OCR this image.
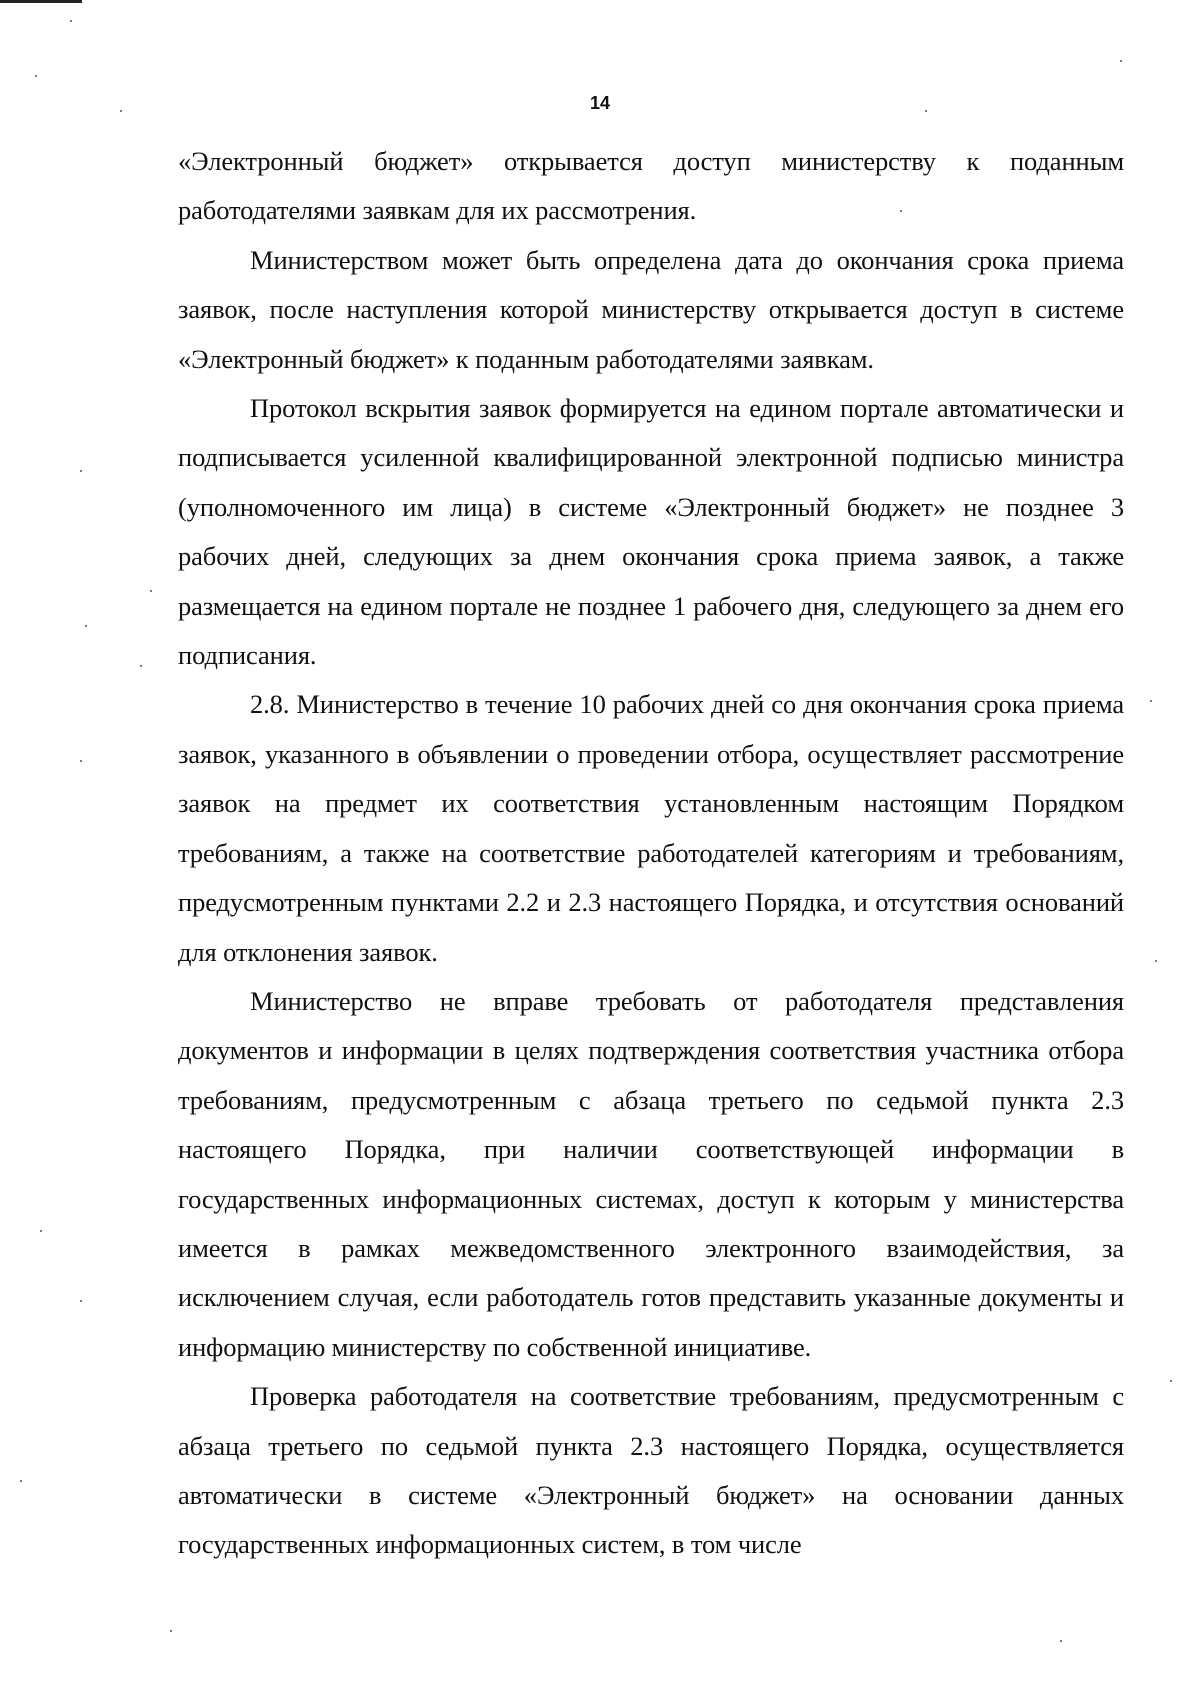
14

«Электронный бюджет» открывается доступ министерству к поданным работодателями заявкам для их рассмотрения.

Министерством может быть определена дата до окончания срока приема заявок, после наступления которой министерству открывается доступ в системе «Электронный бюджет» к поданным работодателями заявкам.

Протокол вскрытия заявок формируется на едином портале автоматически и подписывается усиленной квалифицированной электронной подписью министра (уполномоченного им лица) в системе «Электронный бюджет» не позднее 3 рабочих дней, следующих за днем окончания срока приема заявок, а также размещается на едином портале не позднее 1 рабочего дня, следующего за днем его подписания.

2.8. Министерство в течение 10 рабочих дней со дня окончания срока приема заявок, указанного в объявлении о проведении отбора, осуществляет рассмотрение заявок на предмет их соответствия установленным настоящим Порядком требованиям, а также на соответствие работодателей категориям и требованиям, предусмотренным пунктами 2.2 и 2.3 настоящего Порядка, и отсутствия оснований для отклонения заявок.

Министерство не вправе требовать от работодателя представления документов и информации в целях подтверждения соответствия участника отбора требованиям, предусмотренным с абзаца третьего по седьмой пункта 2.3 настоящего Порядка, при наличии соответствующей информации в государственных информационных системах, доступ к которым у министерства имеется в рамках межведомственного электронного взаимодействия, за исключением случая, если работодатель готов представить указанные документы и информацию министерству по собственной инициативе.

Проверка работодателя на соответствие требованиям, предусмотренным с абзаца третьего по седьмой пункта 2.3 настоящего Порядка, осуществляется автоматически в системе «Электронный бюджет» на основании данных государственных информационных систем, в том числе
